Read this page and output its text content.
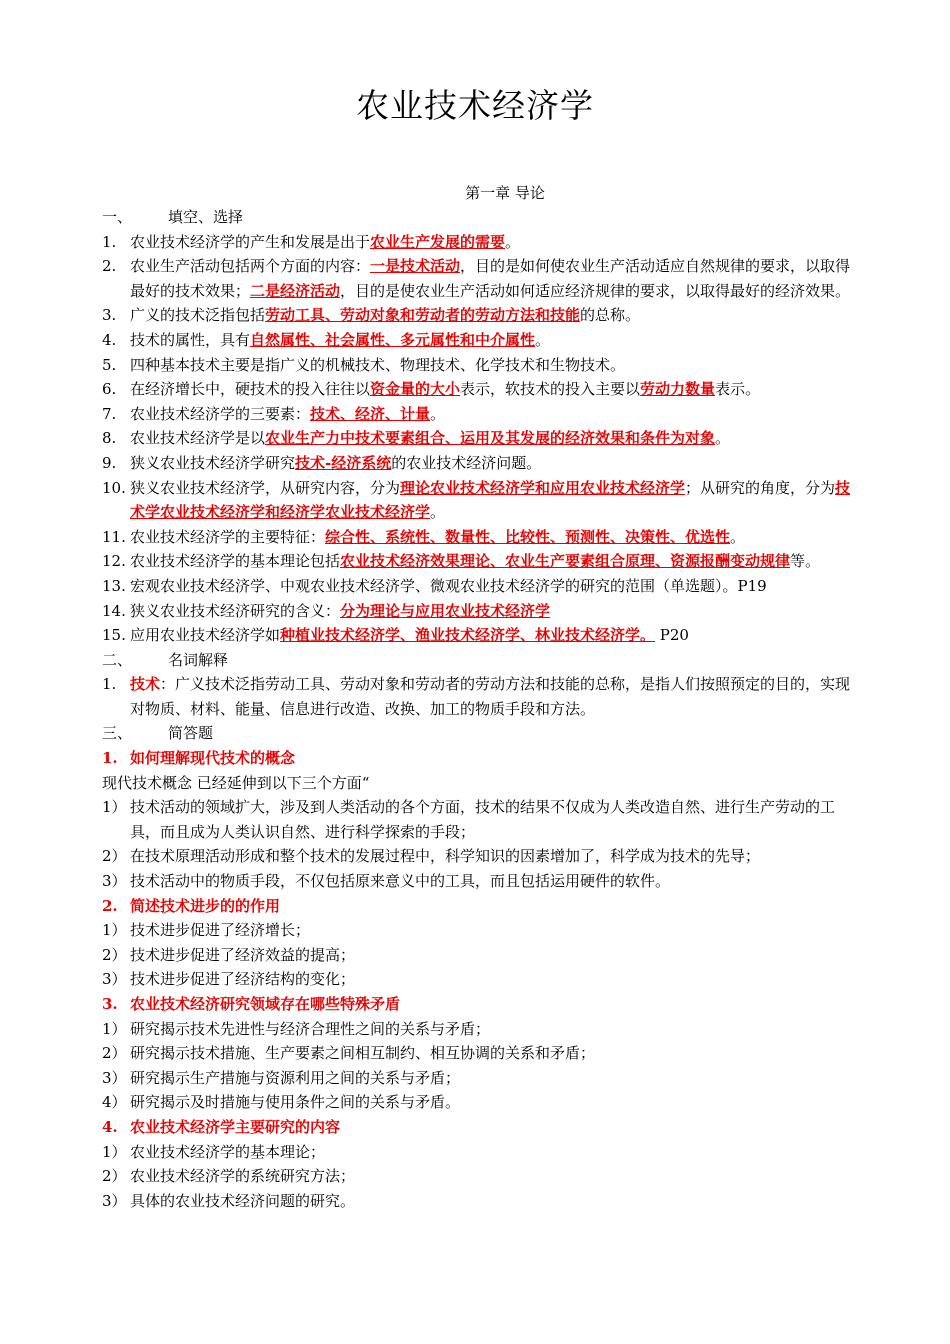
农业技术经济学
第一章 导论
一、 填空、选择
1. 农业技术经济学的产生和发展是出于农业生产发展的需要。
2. 农业生产活动包括两个方面的内容：一是技术活动，目的是如何使农业生产活动适应自然规律的要求，以取得最好的技术效果；二是经济活动，目的是使农业生产活动如何适应经济规律的要求，以取得最好的经济效果。
3. 广义的技术泛指包括劳动工具、劳动对象和劳动者的劳动方法和技能的总称。
4. 技术的属性，具有自然属性、社会属性、多元属性和中介属性。
5. 四种基本技术主要是指广义的机械技术、物理技术、化学技术和生物技术。
6. 在经济增长中，硬技术的投入往往以资金量的大小表示，软技术的投入主要以劳动力数量表示。
7. 农业技术经济学的三要素：技术、经济、计量。
8. 农业技术经济学是以农业生产力中技术要素组合、运用及其发展的经济效果和条件为对象。
9. 狭义农业技术经济学研究技术-经济系统的农业技术经济问题。
10. 狭义农业技术经济学，从研究内容，分为理论农业技术经济学和应用农业技术经济学；从研究的角度，分为技术学农业技术经济学和经济学农业技术经济学。
11. 农业技术经济学的主要特征：综合性、系统性、数量性、比较性、预测性、决策性、优选性。
12. 农业技术经济学的基本理论包括农业技术经济效果理论、农业生产要素组合原理、资源报酬变动规律等。
13. 宏观农业技术经济学、中观农业技术经济学、微观农业技术经济学的研究的范围（单选题）。P19
14. 狭义农业技术经济研究的含义：分为理论与应用农业技术经济学
15. 应用农业技术经济学如种植业技术经济学、渔业技术经济学、林业技术经济学。 P20
二、 名词解释
1. 技术：广义技术泛指劳动工具、劳动对象和劳动者的劳动方法和技能的总称，是指人们按照预定的目的，实现对物质、材料、能量、信息进行改造、改换、加工的物质手段和方法。
三、 简答题
1. 如何理解现代技术的概念
现代技术概念 已经延伸到以下三个方面“
1） 技术活动的领域扩大，涉及到人类活动的各个方面，技术的结果不仅成为人类改造自然、进行生产劳动的工具，而且成为人类认识自然、进行科学探索的手段；
2） 在技术原理活动形成和整个技术的发展过程中，科学知识的因素增加了，科学成为技术的先导；
3） 技术活动中的物质手段，不仅包括原来意义中的工具，而且包括运用硬件的软件。
2. 简述技术进步的的作用
1） 技术进步促进了经济增长；
2） 技术进步促进了经济效益的提高；
3） 技术进步促进了经济结构的变化；
3. 农业技术经济研究领域存在哪些特殊矛盾
1） 研究揭示技术先进性与经济合理性之间的关系与矛盾；
2） 研究揭示技术措施、生产要素之间相互制约、相互协调的关系和矛盾；
3） 研究揭示生产措施与资源利用之间的关系与矛盾；
4） 研究揭示及时措施与使用条件之间的关系与矛盾。
4. 农业技术经济学主要研究的内容
1） 农业技术经济学的基本理论；
2） 农业技术经济学的系统研究方法；
3） 具体的农业技术经济问题的研究。
